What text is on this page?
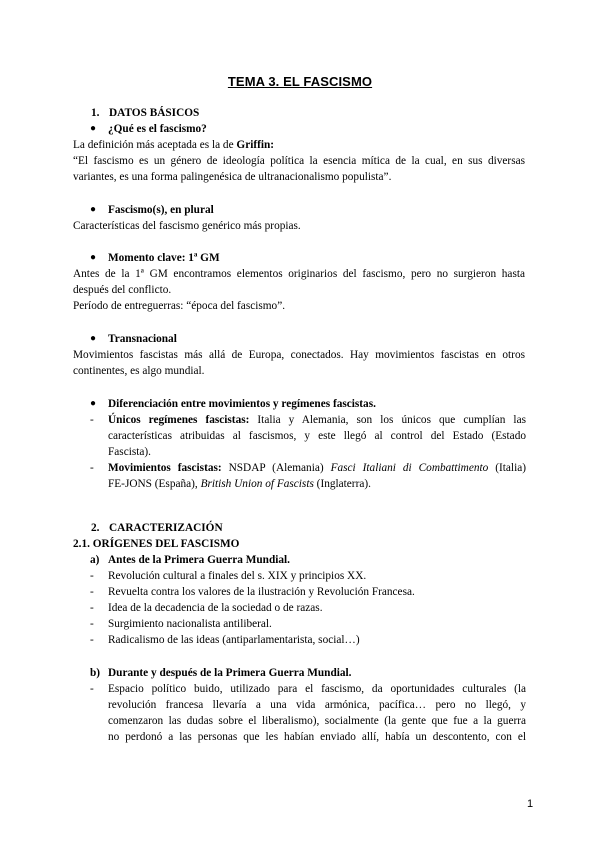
TEMA 3. EL FASCISMO
1. DATOS BÁSICOS
● ¿Qué es el fascismo?
La definición más aceptada es la de Griffin:
“El fascismo es un género de ideología política la esencia mítica de la cual, en sus diversas
variantes, es una forma palingenésica de ultranacionalismo populista”.
● Fascismo(s), en plural
Características del fascismo genérico más propias.
● Momento clave: 1ª GM
Antes de la 1ª GM encontramos elementos originarios del fascismo, pero no surgieron hasta
después del conflicto.
Período de entreguerras: “época del fascismo”.
● Transnacional
Movimientos fascistas más allá de Europa, conectados. Hay movimientos fascistas en otros
continentes, es algo mundial.
● Diferenciación entre movimientos y regímenes fascistas.
- Únicos regímenes fascistas: Italia y Alemania, son los únicos que cumplían las
características atribuidas al fascismos, y este llegó al control del Estado (Estado
Fascista).
- Movimientos fascistas: NSDAP (Alemania) Fasci Italiani di Combattimento (Italia)
FE-JONS (España), British Union of Fascists (Inglaterra).
2. CARACTERIZACIÓN
2.1. ORÍGENES DEL FASCISMO
a) Antes de la Primera Guerra Mundial.
- Revolución cultural a finales del s. XIX y principios XX.
- Revuelta contra los valores de la ilustración y Revolución Francesa.
- Idea de la decadencia de la sociedad o de razas.
- Surgimiento nacionalista antiliberal.
- Radicalismo de las ideas (antiparlamentarista, social…)
b) Durante y después de la Primera Guerra Mundial.
- Espacio político buido, utilizado para el fascismo, da oportunidades culturales (la
revolución francesa llevaría a una vida armónica, pacífica… pero no llegó, y
comenzaron las dudas sobre el liberalismo), socialmente (la gente que fue a la guerra
no perdonó a las personas que les habían enviado allí, había un descontento, con el
1
